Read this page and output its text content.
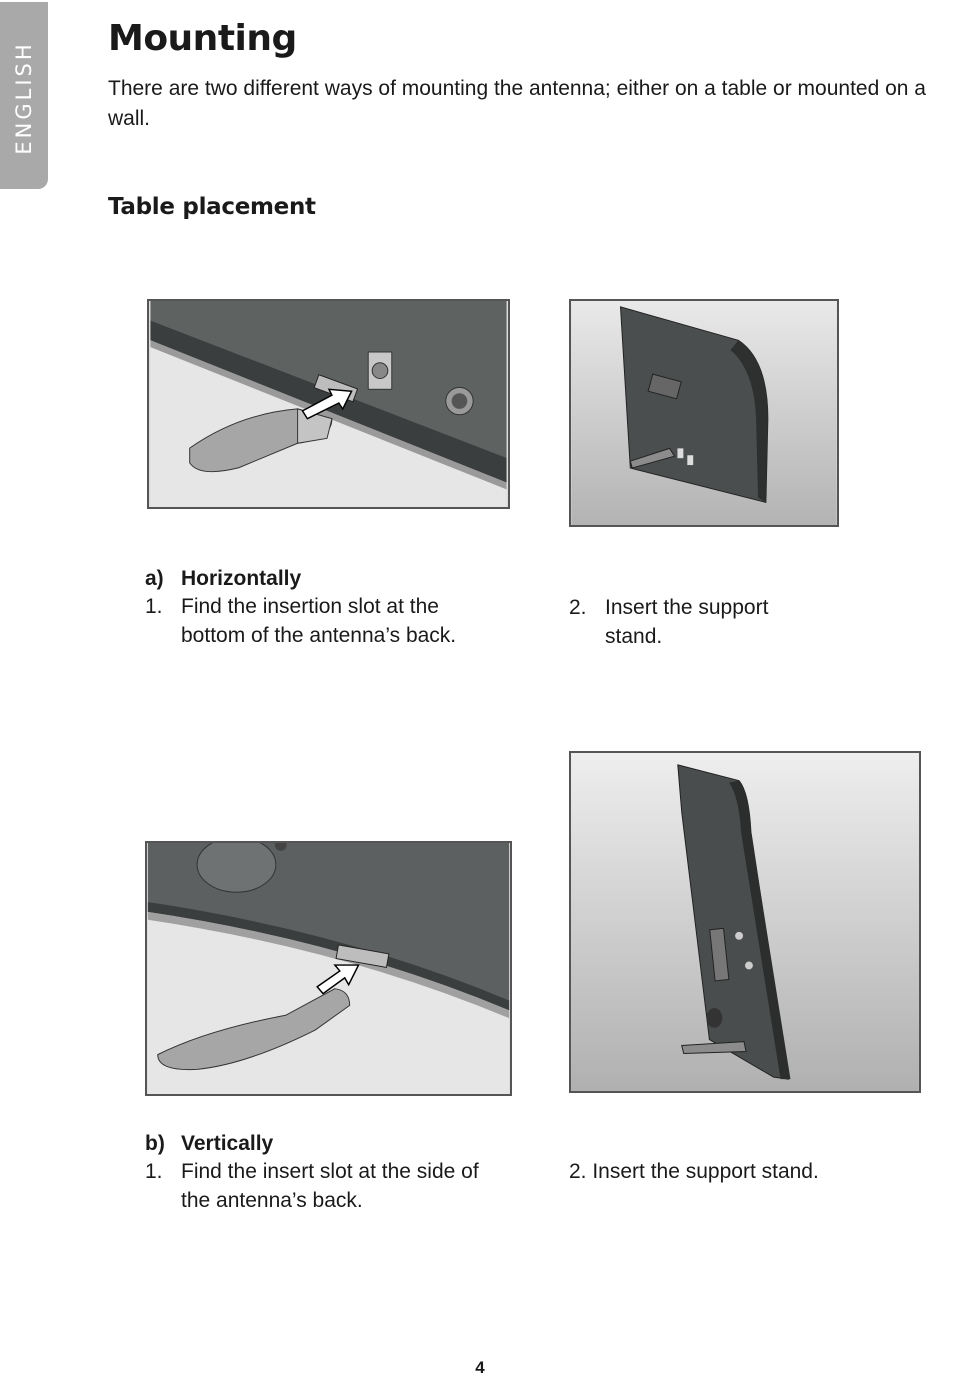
ENGLISH
Mounting

There are two different ways of mounting the antenna; either on a table or mounted on a wall.

Table placement

a) Horizontally

1. Find the insertion slot at the
bottom of the antenna’s back.
2. Insert the support
stand.

b) Vertically

1. Find the insert slot at the side of
the antenna’s back.

2. Insert the support stand.

4
